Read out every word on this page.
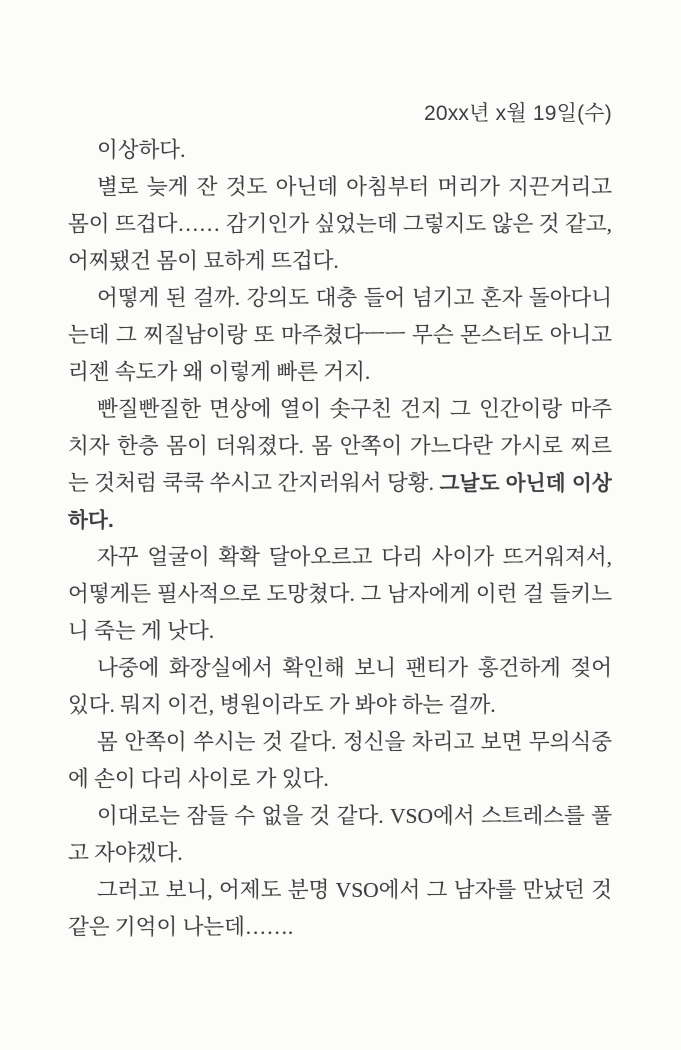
20xx년 x월 19일(수)

이상하다.

별로 늦게 잔 것도 아닌데 아침부터 머리가 지끈거리고 몸이 뜨겁다…… 감기인가 싶었는데 그렇지도 않은 것 같고, 어찌됐건 몸이 묘하게 뜨겁다.

어떻게 된 걸까. 강의도 대충 들어 넘기고 혼자 돌아다니는데 그 찌질남이랑 또 마주쳤다ㅡㅡ 무슨 몬스터도 아니고 리젠 속도가 왜 이렇게 빠른 거지.

빤질빤질한 면상에 열이 솟구친 건지 그 인간이랑 마주치자 한층 몸이 더워졌다. 몸 안쪽이 가느다란 가시로 찌르는 것처럼 쿡쿡 쑤시고 간지러워서 당황. 그날도 아닌데 이상하다.

자꾸 얼굴이 확확 달아오르고 다리 사이가 뜨거워져서, 어떻게든 필사적으로 도망쳤다. 그 남자에게 이런 걸 들키느니 죽는 게 낫다.

나중에 화장실에서 확인해 보니 팬티가 홍건하게 젖어 있다. 뭐지 이건, 병원이라도 가 봐야 하는 걸까.

몸 안쪽이 쑤시는 것 같다. 정신을 차리고 보면 무의식중에 손이 다리 사이로 가 있다.

이대로는 잠들 수 없을 것 같다. VSO에서 스트레스를 풀고 자야겠다.

그러고 보니, 어제도 분명 VSO에서 그 남자를 만났던 것 같은 기억이 나는데…….
